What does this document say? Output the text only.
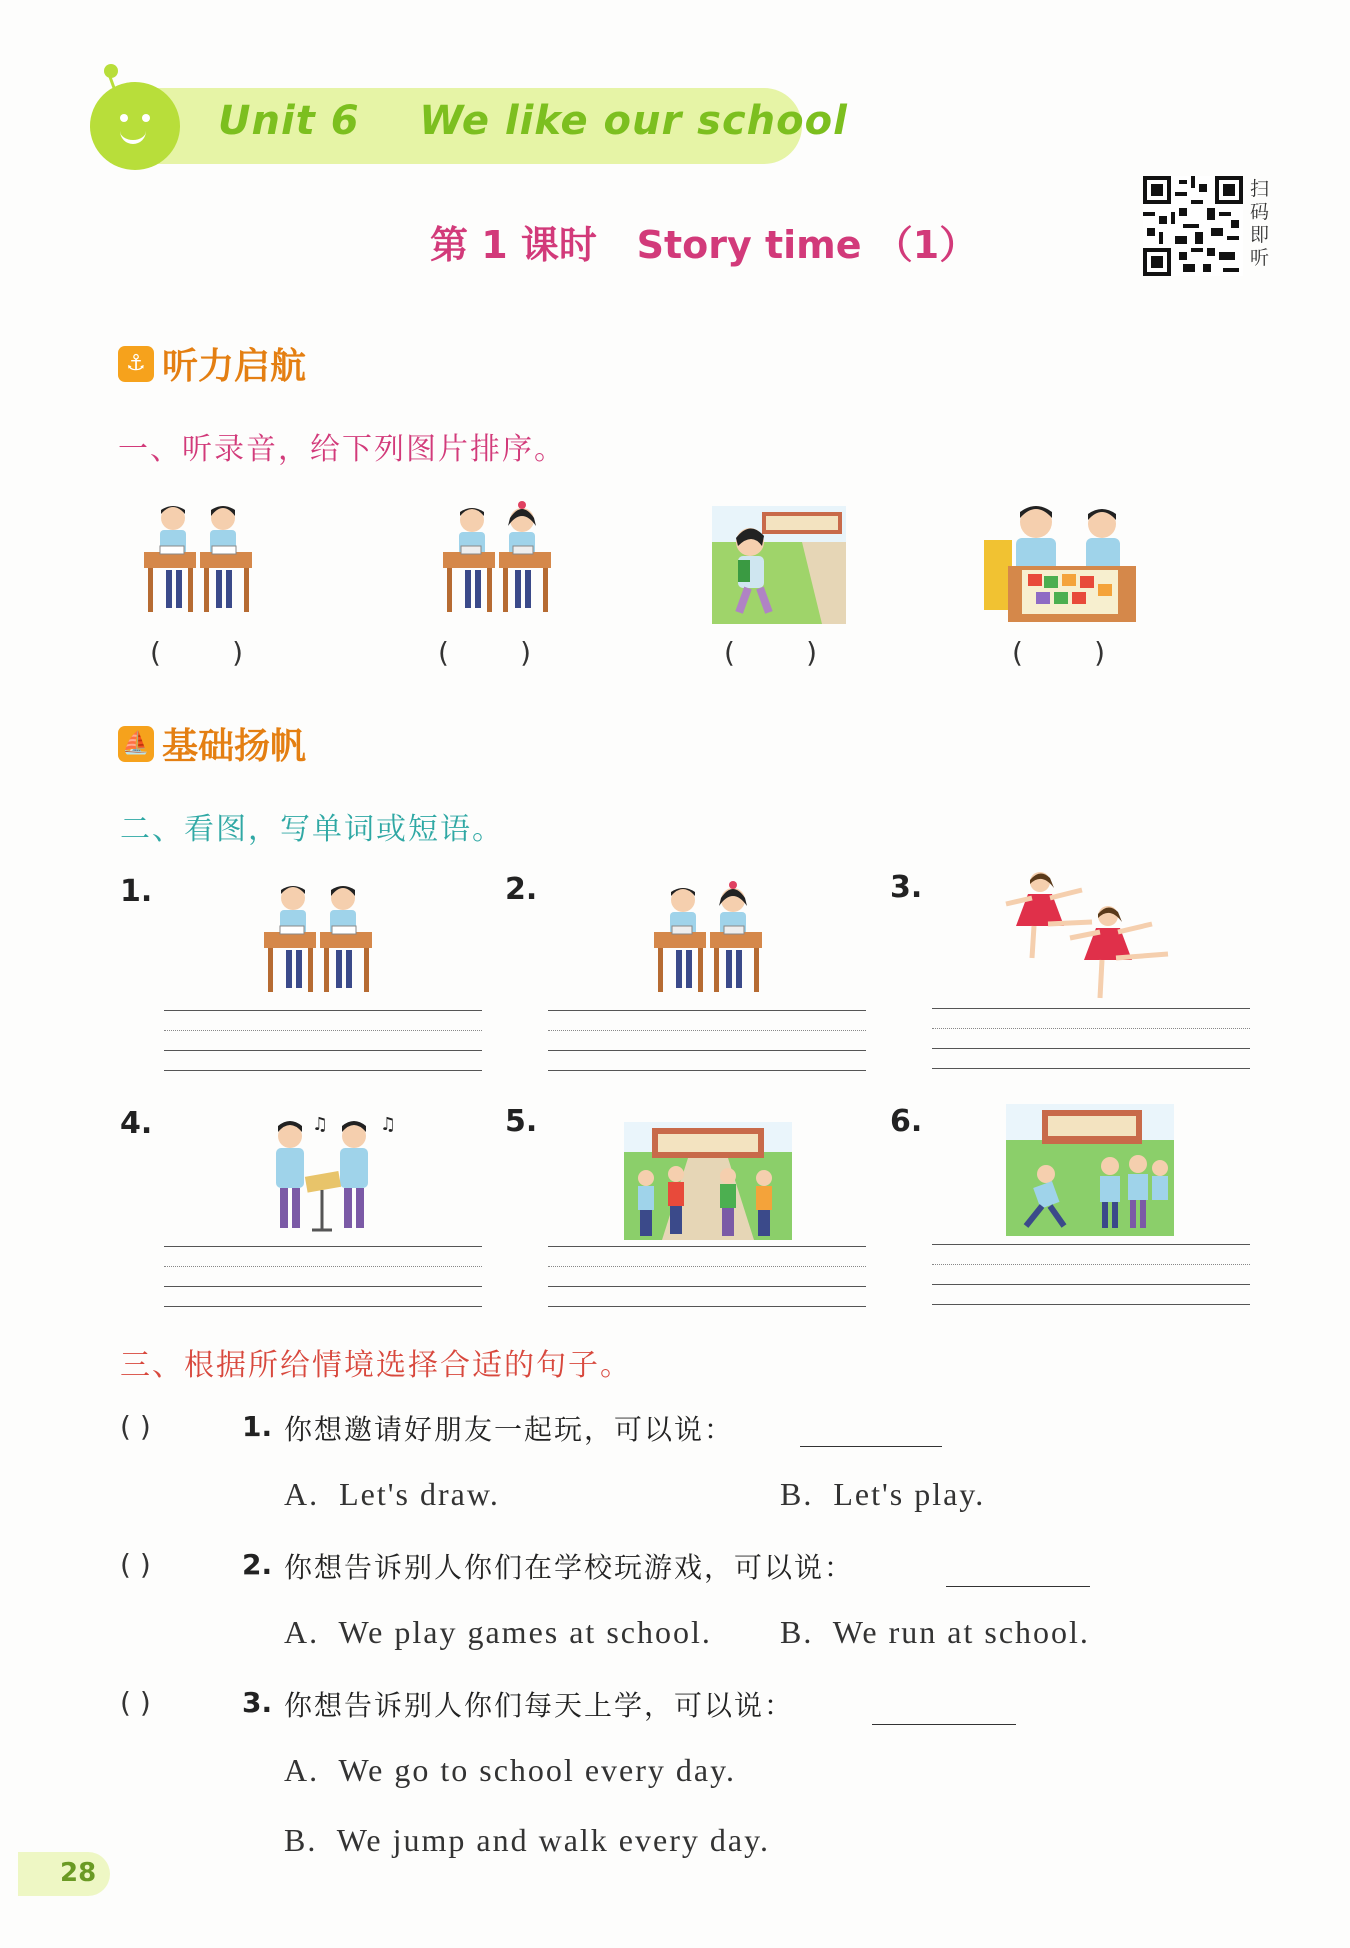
Unit 6    We like our school
第 1 课时   Story time （1）
扫
码
即
听
⚓ 听力启航
一、听录音，给下列图片排序。
(        )	(        )	(        )	(        )
⛵ 基础扬帆
二、看图，写单词或短语。
1.	2.	3.
4.	♫	♫	5.	6.
三、根据所给情境选择合适的句子。
( )	1. 你想邀请好朋友一起玩，可以说：
A.  Let's draw.	B.  Let's play.
( )	2. 你想告诉别人你们在学校玩游戏，可以说：
A.  We play games at school. B.  We run at school.
( )	3. 你想告诉别人你们每天上学，可以说：
A.  We go to school every day.
B.  We jump and walk every day.
28
